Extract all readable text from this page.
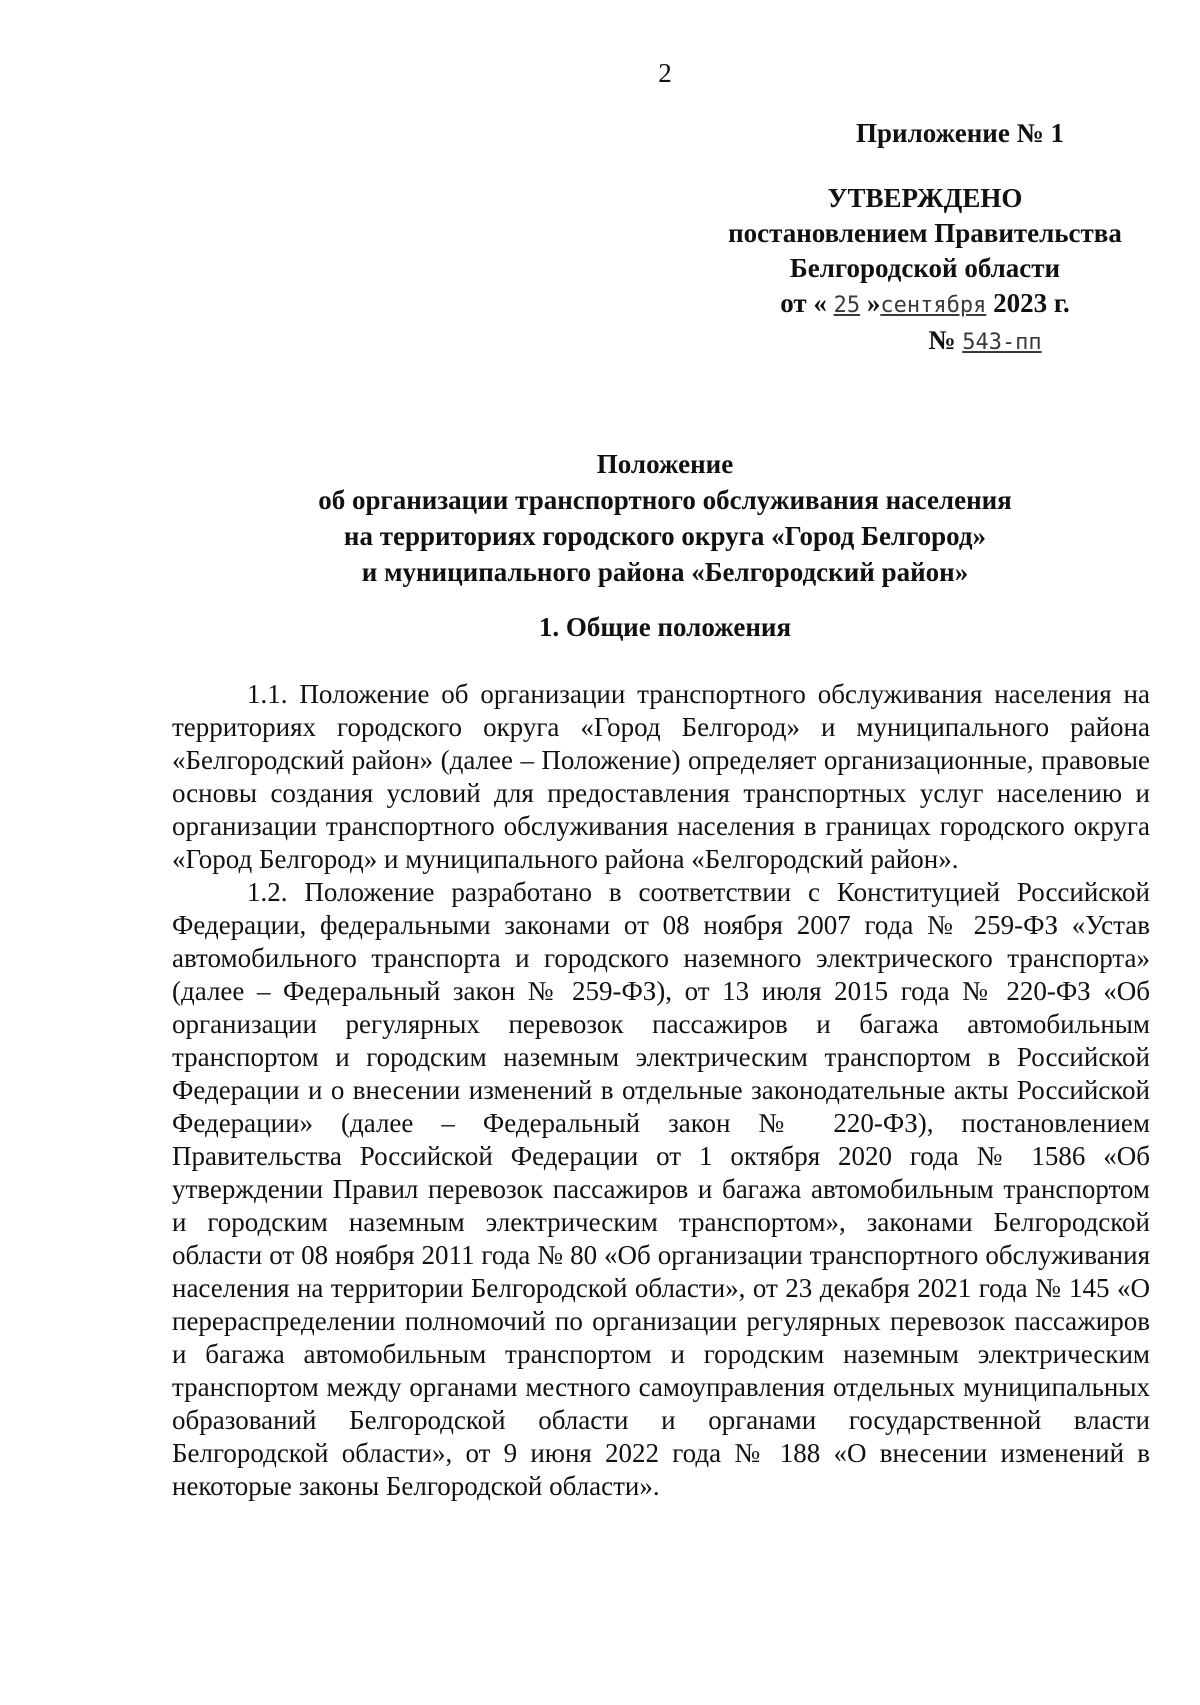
2
Приложение № 1
УТВЕРЖДЕНО
постановлением Правительства
Белгородской области
от « 25 »сентября 2023 г.
№ 543-пп
Положение
об организации транспортного обслуживания населения
на территориях городского округа «Город Белгород»
и муниципального района «Белгородский район»
1. Общие положения

1.1. Положение об организации транспортного обслуживания населения на территориях городского округа «Город Белгород» и муниципального района «Белгородский район» (далее – Положение) определяет организационные, правовые основы создания условий для предоставления транспортных услуг населению и организации транспортного обслуживания населения в границах городского округа «Город Белгород» и муниципального района «Белгородский район».

1.2. Положение разработано в соответствии с Конституцией Российской Федерации, федеральными законами от 08 ноября 2007 года № 259-ФЗ «Устав автомобильного транспорта и городского наземного электрического транспорта» (далее – Федеральный закон № 259-ФЗ), от 13 июля 2015 года № 220-ФЗ «Об организации регулярных перевозок пассажиров и багажа автомобильным транспортом и городским наземным электрическим транспортом в Российской Федерации и о внесении изменений в отдельные законодательные акты Российской Федерации» (далее – Федеральный закон № 220-ФЗ), постановлением Правительства Российской Федерации от 1 октября 2020 года № 1586 «Об утверждении Правил перевозок пассажиров и багажа автомобильным транспортом и городским наземным электрическим транспортом», законами Белгородской области от 08 ноября 2011 года № 80 «Об организации транспортного обслуживания населения на территории Белгородской области», от 23 декабря 2021 года № 145 «О перераспределении полномочий по организации регулярных перевозок пассажиров и багажа автомобильным транспортом и городским наземным электрическим транспортом между органами местного самоуправления отдельных муниципальных образований Белгородской области и органами государственной власти Белгородской области», от 9 июня 2022 года № 188 «О внесении изменений в некоторые законы Белгородской области».
